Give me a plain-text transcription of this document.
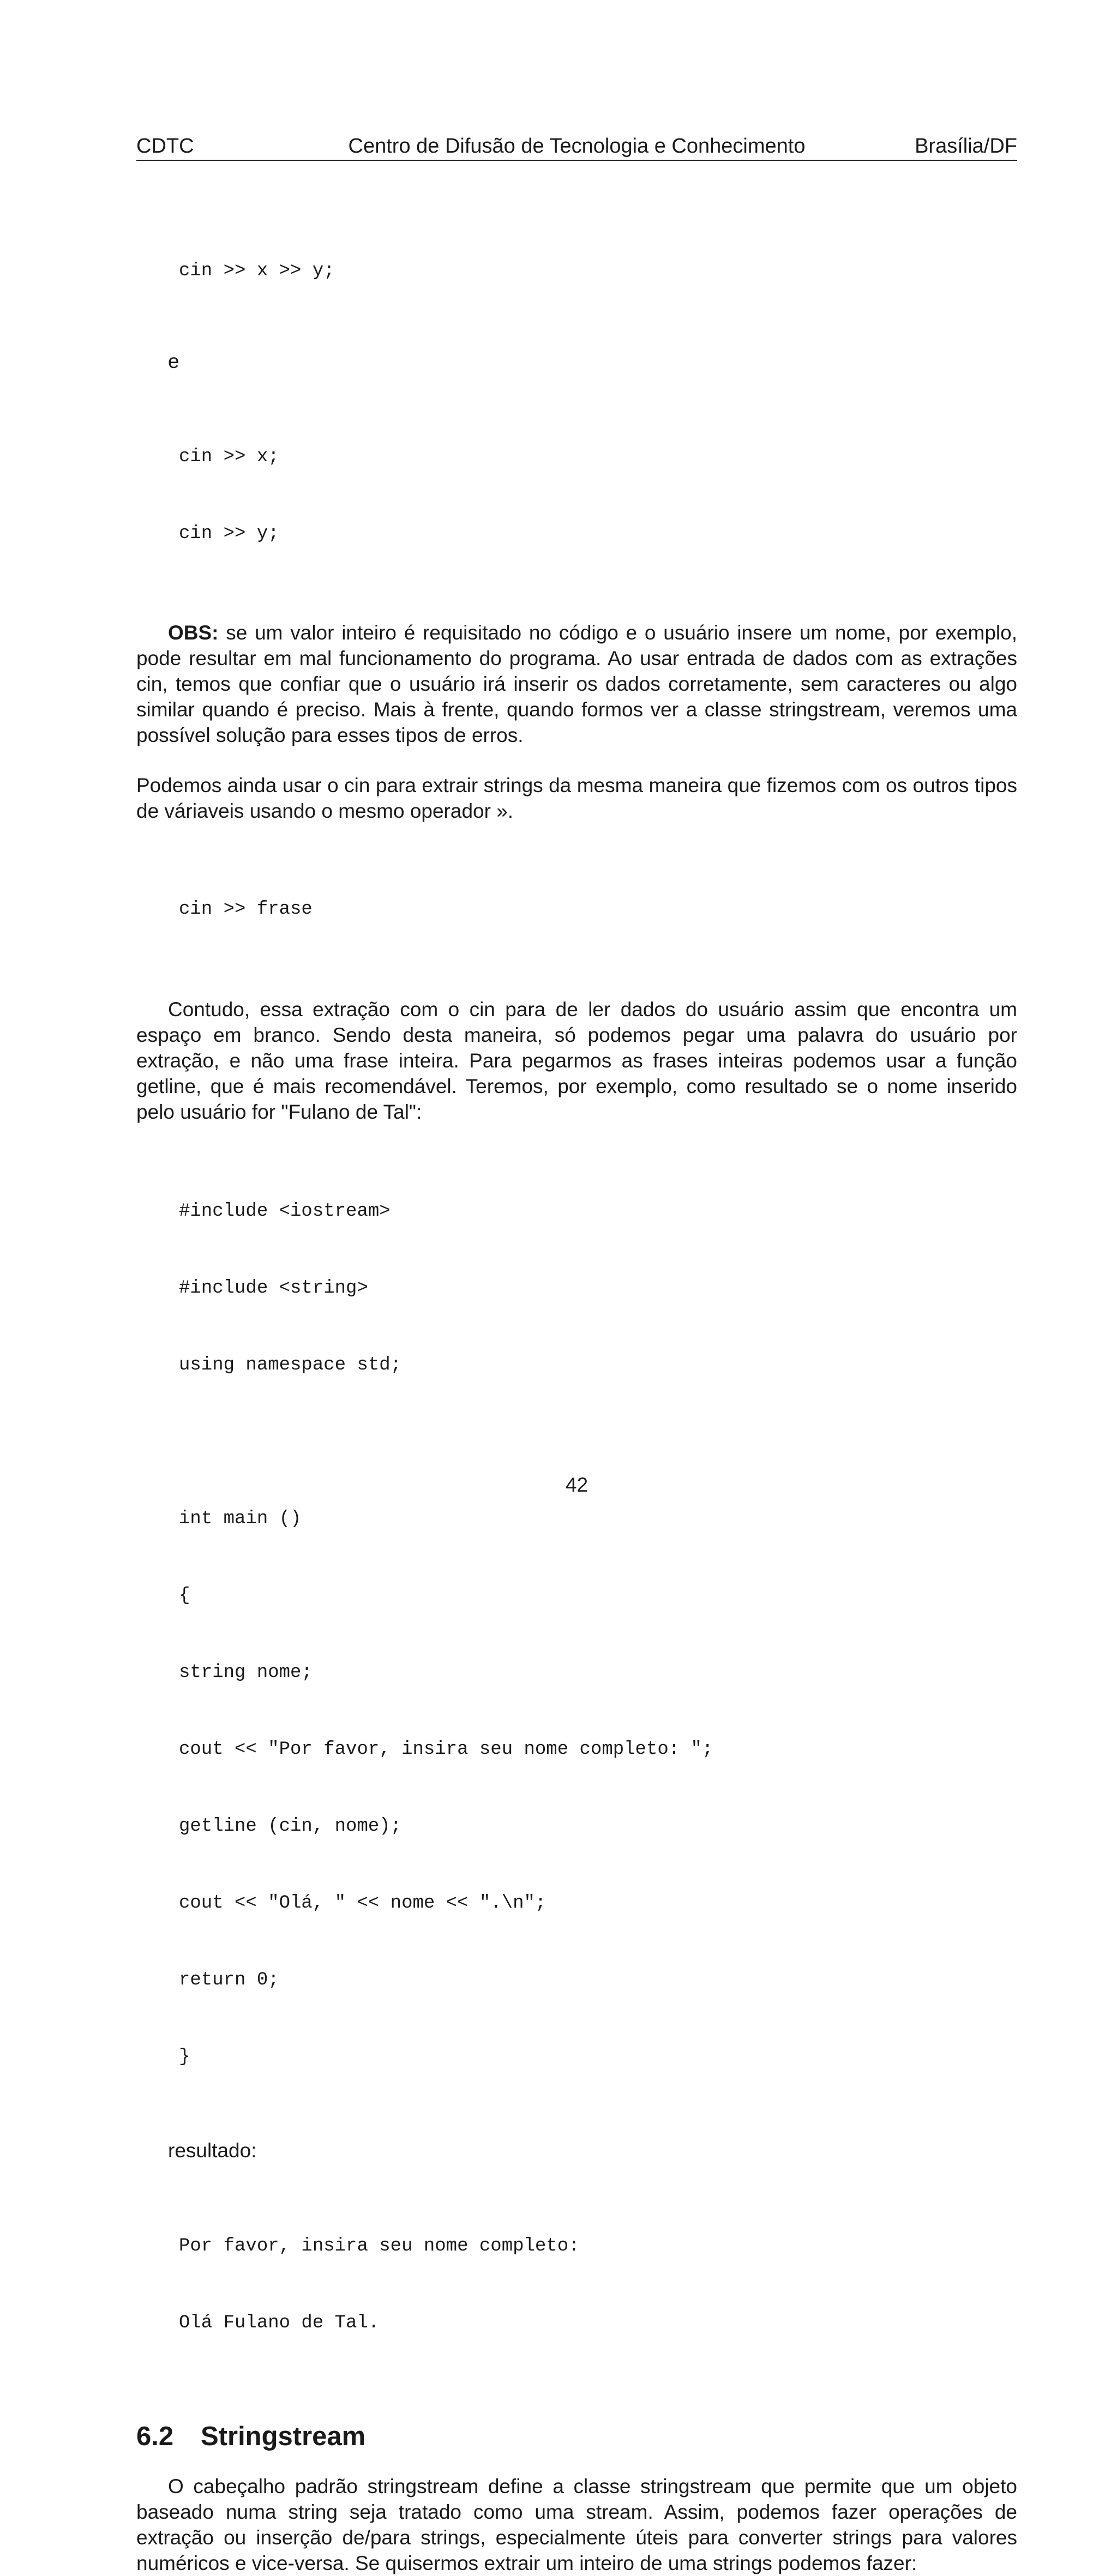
CDTC	Centro de Difusão de Tecnologia e Conhecimento	Brasília/DF

cin >> x >> y;

e

cin >> x;

cin >> y;

OBS: se um valor inteiro é requisitado no código e o usuário insere um nome, por exemplo, pode resultar em mal funcionamento do programa. Ao usar entrada de dados com as extrações cin, temos que confiar que o usuário irá inserir os dados corretamente, sem caracteres ou algo similar quando é preciso. Mais à frente, quando formos ver a classe stringstream, veremos uma possível solução para esses tipos de erros.

Podemos ainda usar o cin para extrair strings da mesma maneira que fizemos com os outros tipos de váriaveis usando o mesmo operador ».

cin >> frase

Contudo, essa extração com o cin para de ler dados do usuário assim que encontra um espaço em branco. Sendo desta maneira, só podemos pegar uma palavra do usuário por extração, e não uma frase inteira. Para pegarmos as frases inteiras podemos usar a função getline, que é mais recomendável. Teremos, por exemplo, como resultado se o nome inserido pelo usuário for "Fulano de Tal":

#include <iostream>

#include <string>

using namespace std;

int main ()

{

string nome;

cout << "Por favor, insira seu nome completo: ";

getline (cin, nome);

cout << "Olá, " << nome << ".\n";

return 0;

}

resultado:

Por favor, insira seu nome completo:

Olá Fulano de Tal.

6.2 Stringstream

O cabeçalho padrão stringstream define a classe stringstream que permite que um objeto baseado numa string seja tratado como uma stream. Assim, podemos fazer operações de extração ou inserção de/para strings, especialmente úteis para converter strings para valores numéricos e vice-versa. Se quisermos extrair um inteiro de uma strings podemos fazer:

42
